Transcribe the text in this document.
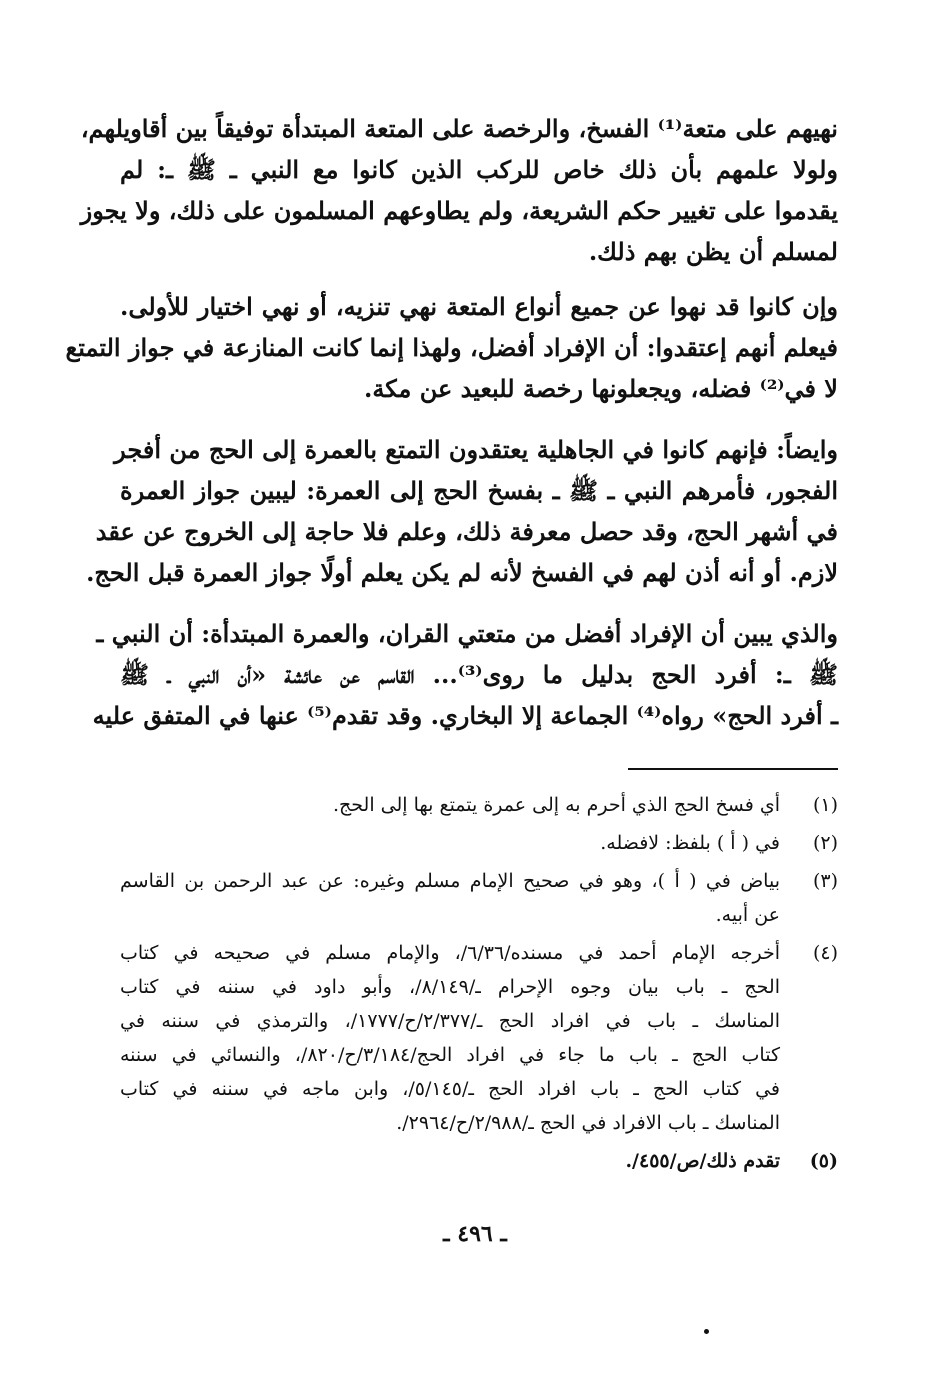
نهيهم على متعة⁽¹⁾ الفسخ، والرخصة على المتعة المبتدأة توفيقاً بين أقاويلهم،
ولولا علمهم بأن ذلك خاص للركب الذين كانوا مع النبي ـ ﷺ ـ: لم
يقدموا على تغيير حكم الشريعة، ولم يطاوعهم المسلمون على ذلك، ولا يجوز
لمسلم أن يظن بهم ذلك.
وإن كانوا قد نهوا عن جميع أنواع المتعة نهي تنزيه، أو نهي اختيار للأولى.
فيعلم أنهم إعتقدوا: أن الإفراد أفضل، ولهذا إنما كانت المنازعة في جواز التمتع
لا في⁽²⁾ فضله، ويجعلونها رخصة للبعيد عن مكة.
وايضاً: فإنهم كانوا في الجاهلية يعتقدون التمتع بالعمرة إلى الحج من أفجر
الفجور، فأمرهم النبي ـ ﷺ ـ بفسخ الحج إلى العمرة: ليبين جواز العمرة
في أشهر الحج، وقد حصل معرفة ذلك، وعلم فلا حاجة إلى الخروج عن عقد
لازم. أو أنه أذن لهم في الفسخ لأنه لم يكن يعلم أولًا جواز العمرة قبل الحج.
والذي يبين أن الإفراد أفضل من متعتي القران، والعمرة المبتدأة: أن النبي ـ
ﷺ ـ: أفرد الحج بدليل ما روى⁽³⁾... القاسم عن عائشة «أن النبي ـ ﷺ
ـ أفرد الحج» رواه⁽⁴⁾ الجماعة إلا البخاري. وقد تقدم⁽⁵⁾ عنها في المتفق عليه
(١)
أي فسخ الحج الذي أحرم به إلى عمرة يتمتع بها إلى الحج.
(٢)
في ( أ ) بلفظ: لافضله.
(٣)
بياض في ( أ )، وهو في صحيح الإمام مسلم وغيره: عن عبد الرحمن بن القاسم
عن أبيه.
(٤)
أخرجه الإمام أحمد في مسنده/٦/٣٦/، والإمام مسلم في صحيحه في كتاب
الحج ـ باب بيان وجوه الإحرام ـ/٨/١٤٩/، وأبو داود في سننه في كتاب
المناسك ـ باب في افراد الحج ـ/٢/٣٧٧/ح/١٧٧٧/، والترمذي في سننه في
كتاب الحج ـ باب ما جاء في افراد الحج/٣/١٨٤/ح/٨٢٠/، والنسائي في سننه
في كتاب الحج ـ باب افراد الحج ـ/٥/١٤٥/، وابن ماجه في سننه في كتاب
المناسك ـ باب الافراد في الحج ـ/٢/٩٨٨/ح/٢٩٦٤/.
(٥)
تقدم ذلك/ص/٤٥٥/.
ـ ٤٩٦ ـ
